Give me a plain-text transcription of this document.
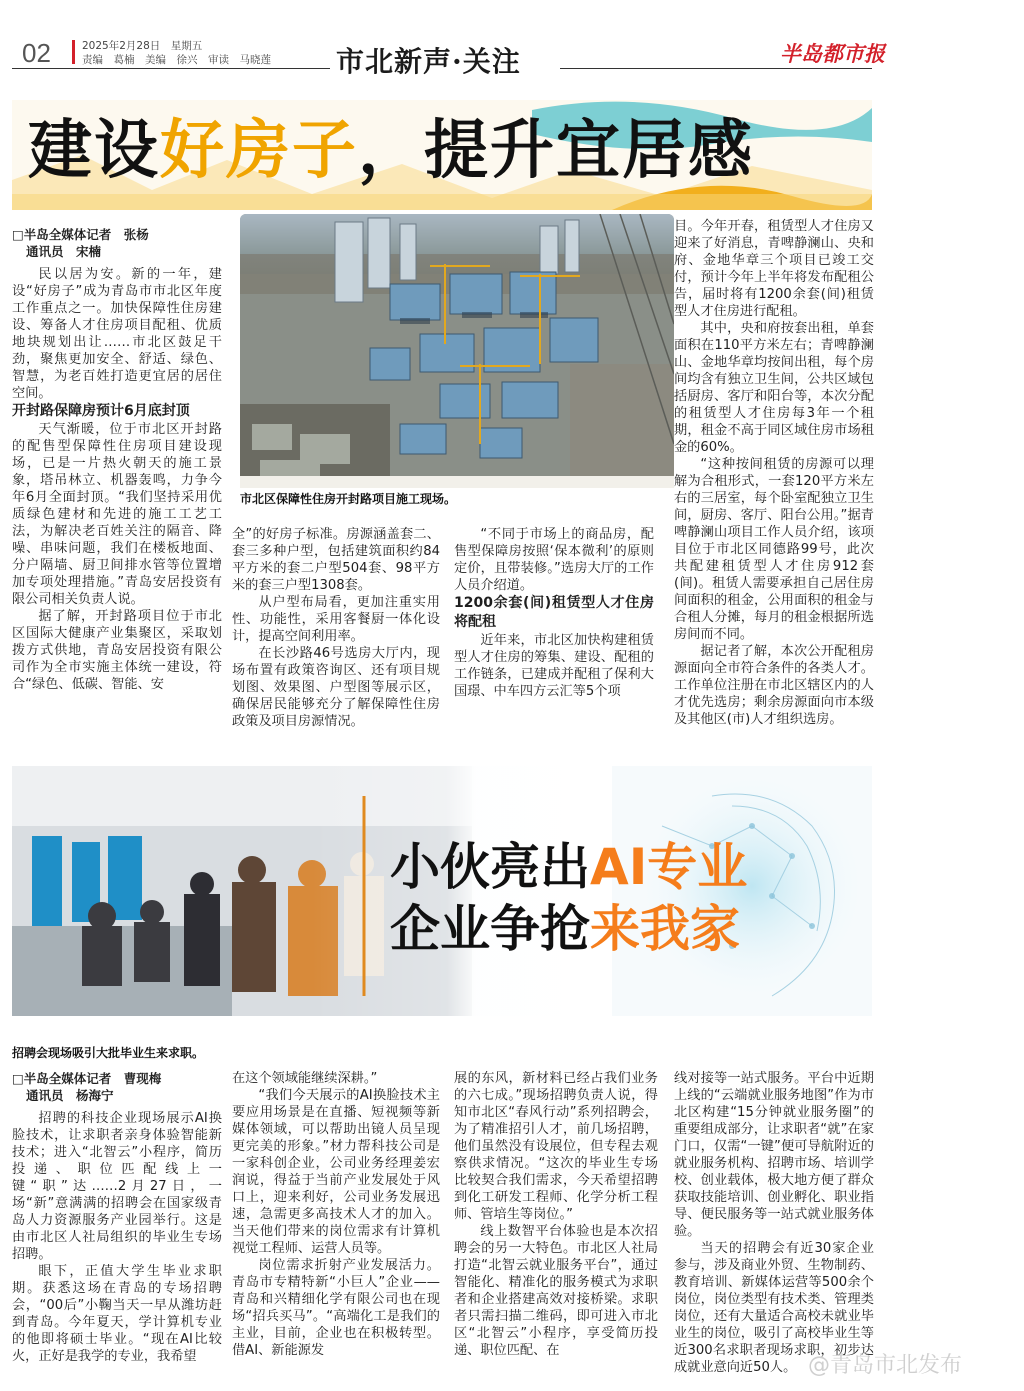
02	2025年2月28日　星期五
责编　葛楠　美编　徐兴　审读　马晓莲 市北新声·关注	半岛都市报
建设好房子，提升宜居感
□半岛全媒体记者　张杨
通讯员　宋楠

民以居为安。新的一年，建设“好房子”成为青岛市市北区年度工作重点之一。加快保障性住房建设、筹备人才住房项目配租、优质地块规划出让……市北区鼓足干劲，聚焦更加安全、舒适、绿色、智慧，为老百姓打造更宜居的居住空间。

开封路保障房预计6月底封顶

天气渐暖，位于市北区开封路的配售型保障性住房项目建设现场，已是一片热火朝天的施工景象，塔吊林立、机器轰鸣，力争今年6月全面封顶。“我们坚持采用优质绿色建材和先进的施工工艺工法，为解决老百姓关注的隔音、降噪、串味问题，我们在楼板地面、分户隔墙、厨卫间排水管等位置增加专项处理措施。”青岛安居投资有限公司相关负责人说。

据了解，开封路项目位于市北区国际大健康产业集聚区，采取划拨方式供地，青岛安居投资有限公司作为全市实施主体统一建设，符合“绿色、低碳、智能、安

市北区保障性住房开封路项目施工现场。

全”的好房子标准。房源涵盖套二、套三多种户型，包括建筑面积约84平方米的套二户型504套、98平方米的套三户型1308套。

从户型布局看，更加注重实用性、功能性，采用客餐厨一体化设计，提高空间利用率。

在长沙路46号选房大厅内，现场布置有政策咨询区、还有项目规划图、效果图、户型图等展示区，确保居民能够充分了解保障性住房政策及项目房源情况。

“不同于市场上的商品房，配售型保障房按照‘保本微利’的原则定价，且带装修。”选房大厅的工作人员介绍道。

1200余套(间)租赁型人才住房将配租

近年来，市北区加快构建租赁型人才住房的筹集、建设、配租的工作链条，已建成并配租了保利大国璟、中车四方云汇等5个项

目。今年开春，租赁型人才住房又迎来了好消息，青啤静澜山、央和府、金地华章三个项目已竣工交付，预计今年上半年将发布配租公告，届时将有1200余套(间)租赁型人才住房进行配租。

其中，央和府按套出租，单套面积在110平方米左右；青啤静澜山、金地华章均按间出租，每个房间均含有独立卫生间，公共区域包括厨房、客厅和阳台等，本次分配的租赁型人才住房每3年一个租期，租金不高于同区域住房市场租金的60%。

“这种按间租赁的房源可以理解为合租形式，一套120平方米左右的三居室，每个卧室配独立卫生间，厨房、客厅、阳台公用。”据青啤静澜山项目工作人员介绍，该项目位于市北区同德路99号，此次共配建租赁型人才住房912套(间)。租赁人需要承担自己居住房间面积的租金，公用面积的租金与合租人分摊，每月的租金根据所选房间而不同。

据记者了解，本次公开配租房源面向全市符合条件的各类人才。工作单位注册在市北区辖区内的人才优先选房；剩余房源面向市本级及其他区(市)人才组织选房。

小伙亮出AI专业
企业争抢来我家
招聘会现场吸引大批毕业生来求职。
□半岛全媒体记者　曹现梅
通讯员　杨海宁

招聘的科技企业现场展示AI换脸技术，让求职者亲身体验智能新技术；进入“北智云”小程序，简历投递、职位匹配线上一键“职”达……2月27日，一场“新”意满满的招聘会在国家级青岛人力资源服务产业园举行。这是由市北区人社局组织的毕业生专场招聘。

眼下，正值大学生毕业求职期。获悉这场在青岛的专场招聘会，“00后”小鞠当天一早从潍坊赶到青岛。今年夏天，学计算机专业的他即将硕士毕业。“现在AI比较火，正好是我学的专业，我希望

在这个领域能继续深耕。”

“我们今天展示的AI换脸技术主要应用场景是在直播、短视频等新媒体领域，可以帮助出镜人员呈现更完美的形象。”材力帮科技公司是一家科创企业，公司业务经理姜宏润说，得益于当前产业发展处于风口上，迎来利好，公司业务发展迅速，急需更多高技术人才的加入。当天他们带来的岗位需求有计算机视觉工程师、运营人员等。

岗位需求折射产业发展活力。青岛市专精特新“小巨人”企业——青岛和兴精细化学有限公司也在现场“招兵买马”。“高端化工是我们的主业，目前，企业也在积极转型。借AI、新能源发

展的东风，新材料已经占我们业务的六七成。”现场招聘负责人说，得知市北区“春风行动”系列招聘会，为了精准招引人才，前几场招聘，他们虽然没有设展位，但专程去观察供求情况。“这次的毕业生专场比较契合我们需求，今天希望招聘到化工研发工程师、化学分析工程师、管培生等岗位。”

线上数智平台体验也是本次招聘会的另一大特色。市北区人社局打造“北智云就业服务平台”，通过智能化、精准化的服务模式为求职者和企业搭建高效对接桥梁。求职者只需扫描二维码，即可进入市北区“北智云”小程序，享受简历投递、职位匹配、在

线对接等一站式服务。平台中近期上线的“云端就业服务地图”作为市北区构建“15分钟就业服务圈”的重要组成部分，让求职者“就”在家门口，仅需“一键”便可导航附近的就业服务机构、招聘市场、培训学校、创业载体，极大地方便了群众获取技能培训、创业孵化、职业指导、便民服务等一站式就业服务体验。

当天的招聘会有近30家企业参与，涉及商业外贸、生物制药、教育培训、新媒体运营等500余个岗位，岗位类型有技术类、管理类岗位，还有大量适合高校未就业毕业生的岗位，吸引了高校毕业生等近300名求职者现场求职，初步达成就业意向近50人。 @青岛市北发布
